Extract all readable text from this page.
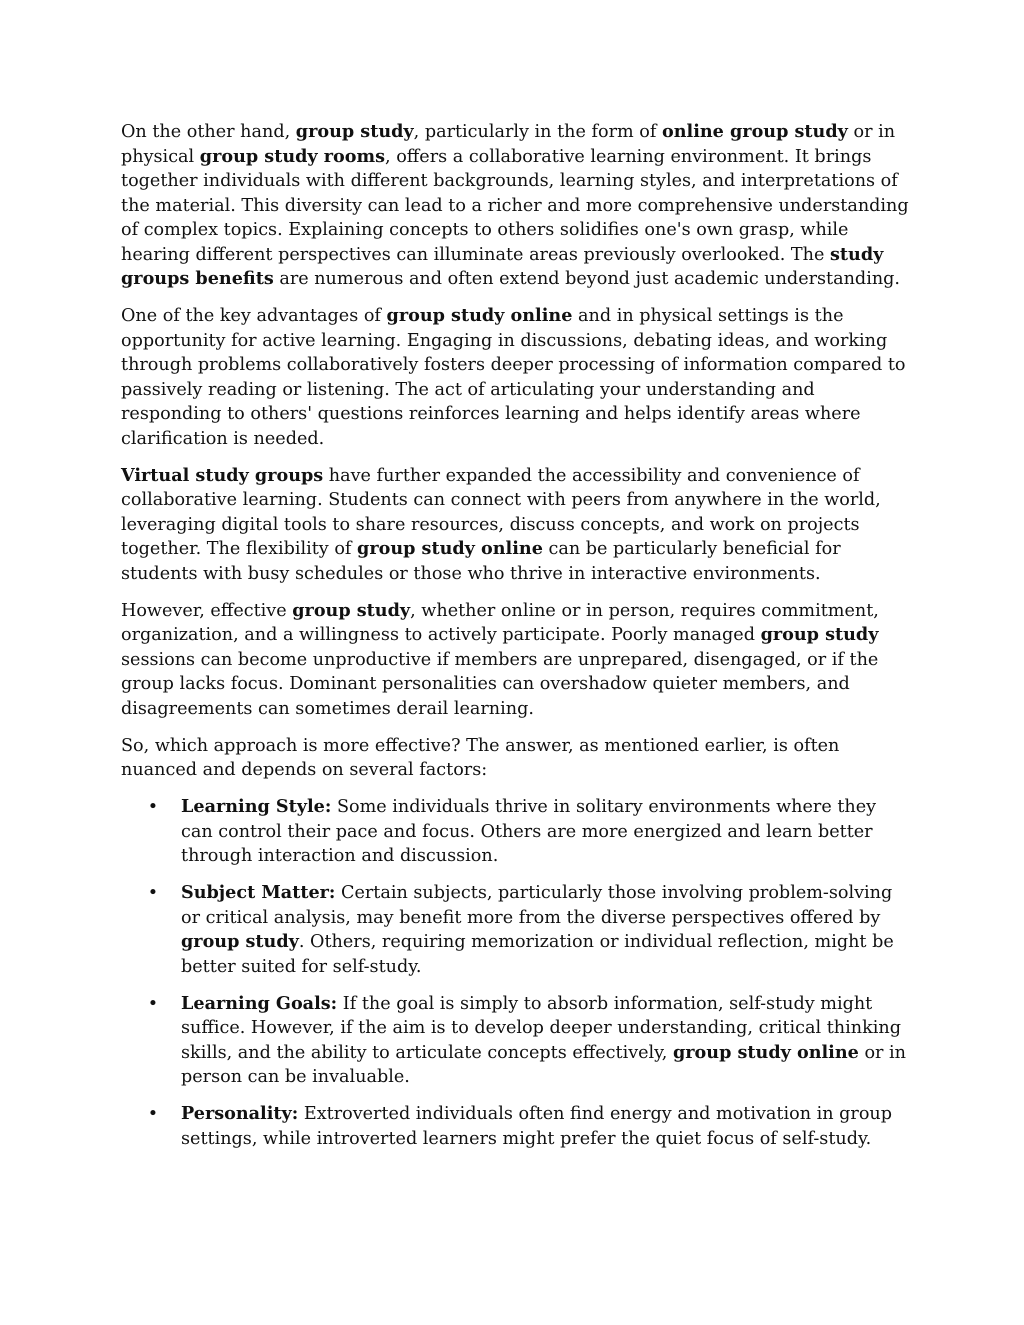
On the other hand, group study, particularly in the form of online group study or in physical group study rooms, offers a collaborative learning environment. It brings together individuals with different backgrounds, learning styles, and interpretations of the material. This diversity can lead to a richer and more comprehensive understanding of complex topics. Explaining concepts to others solidifies one's own grasp, while hearing different perspectives can illuminate areas previously overlooked. The study groups benefits are numerous and often extend beyond just academic understanding.

One of the key advantages of group study online and in physical settings is the opportunity for active learning. Engaging in discussions, debating ideas, and working through problems collaboratively fosters deeper processing of information compared to passively reading or listening. The act of articulating your understanding and responding to others' questions reinforces learning and helps identify areas where clarification is needed.

Virtual study groups have further expanded the accessibility and convenience of collaborative learning. Students can connect with peers from anywhere in the world, leveraging digital tools to share resources, discuss concepts, and work on projects together. The flexibility of group study online can be particularly beneficial for students with busy schedules or those who thrive in interactive environments.

However, effective group study, whether online or in person, requires commitment, organization, and a willingness to actively participate. Poorly managed group study sessions can become unproductive if members are unprepared, disengaged, or if the group lacks focus. Dominant personalities can overshadow quieter members, and disagreements can sometimes derail learning.

So, which approach is more effective? The answer, as mentioned earlier, is often nuanced and depends on several factors:

• Learning Style: Some individuals thrive in solitary environments where they can control their pace and focus. Others are more energized and learn better through interaction and discussion.
• Subject Matter: Certain subjects, particularly those involving problem-solving or critical analysis, may benefit more from the diverse perspectives offered by group study. Others, requiring memorization or individual reflection, might be better suited for self-study.
• Learning Goals: If the goal is simply to absorb information, self-study might suffice. However, if the aim is to develop deeper understanding, critical thinking skills, and the ability to articulate concepts effectively, group study online or in person can be invaluable.
• Personality: Extroverted individuals often find energy and motivation in group settings, while introverted learners might prefer the quiet focus of self-study.
